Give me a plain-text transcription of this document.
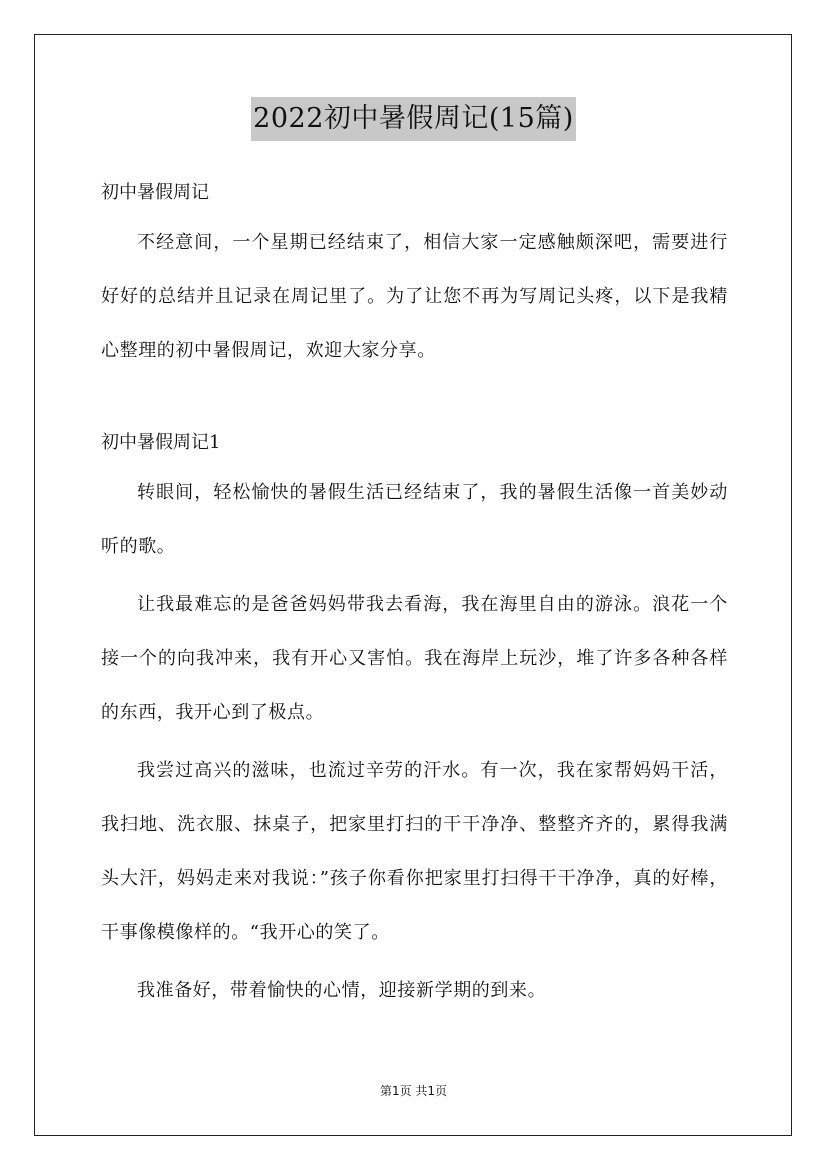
2022初中暑假周记(15篇)

初中暑假周记

不经意间，一个星期已经结束了，相信大家一定感触颇深吧，需要进行好好的总结并且记录在周记里了。为了让您不再为写周记头疼，以下是我精心整理的初中暑假周记，欢迎大家分享。

初中暑假周记1

转眼间，轻松愉快的暑假生活已经结束了，我的暑假生活像一首美妙动听的歌。

让我最难忘的是爸爸妈妈带我去看海，我在海里自由的游泳。浪花一个接一个的向我冲来，我有开心又害怕。我在海岸上玩沙，堆了许多各种各样的东西，我开心到了极点。

我尝过高兴的滋味，也流过辛劳的汗水。有一次，我在家帮妈妈干活，我扫地、洗衣服、抹桌子，把家里打扫的干干净净、整整齐齐的，累得我满头大汗，妈妈走来对我说：”孩子你看你把家里打扫得干干净净，真的好棒，干事像模像样的。“我开心的笑了。

我准备好，带着愉快的心情，迎接新学期的到来。

第1页 共1页
